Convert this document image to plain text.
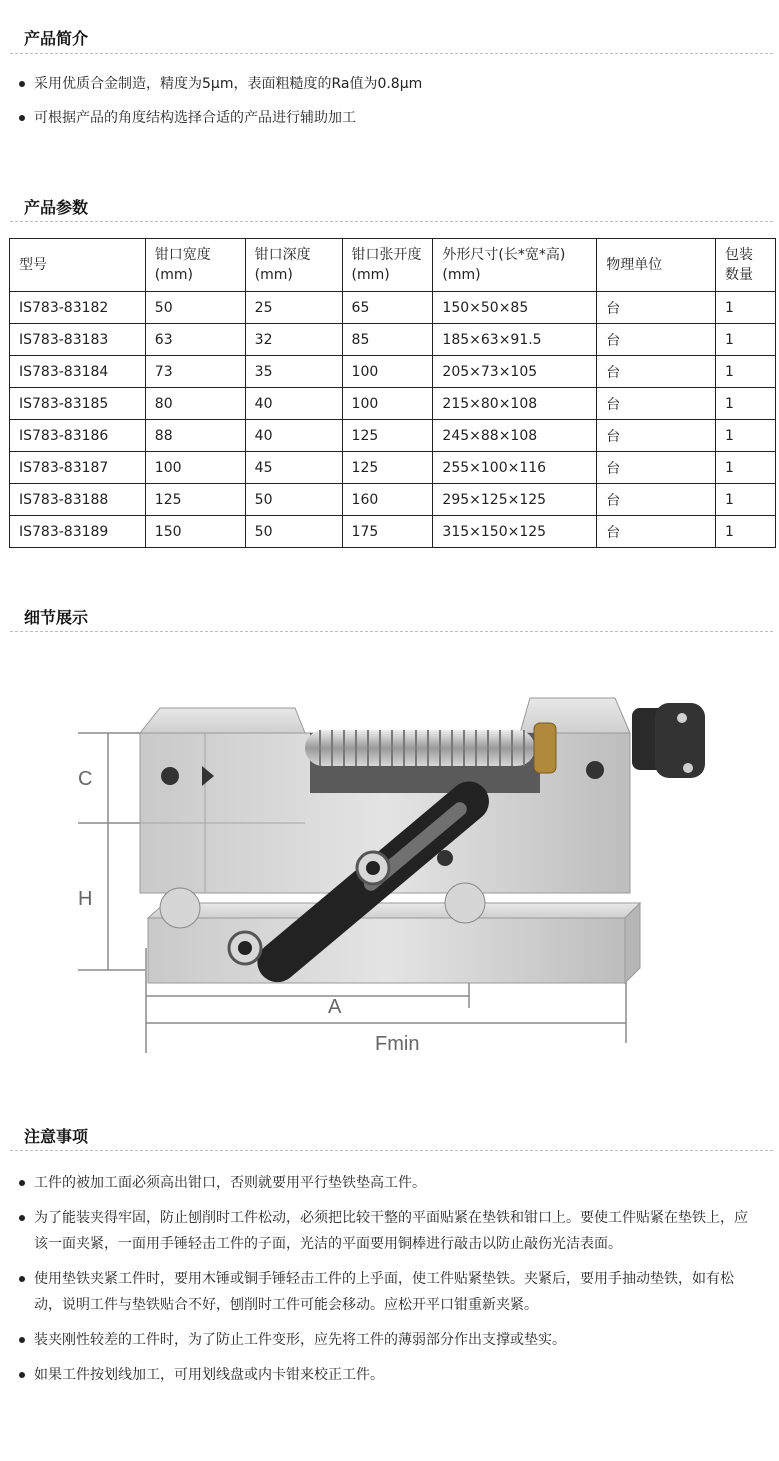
产品简介
采用优质合金制造，精度为5μm，表面粗糙度的Ra值为0.8μm
可根据产品的角度结构选择合适的产品进行辅助加工
产品参数
型号	钳口宽度(mm)	钳口深度(mm)	钳口张开度(mm)	外形尺寸(长*宽*高)(mm)	物理单位	包装数量
IS783-83182	50	25	65	150×50×85	台	1
IS783-83183	63	32	85	185×63×91.5	台	1
IS783-83184	73	35	100	205×73×105	台	1
IS783-83185	80	40	100	215×80×108	台	1
IS783-83186	88	40	125	245×88×108	台	1
IS783-83187	100	45	125	255×100×116	台	1
IS783-83188	125	50	160	295×125×125	台	1
IS783-83189	150	50	175	315×150×125	台	1
细节展示
C
H
A
Fmin
注意事项
工件的被加工面必须高出钳口，否则就要用平行垫铁垫高工件。
为了能装夹得牢固，防止刨削时工件松动，必须把比较干整的平面贴紧在垫铁和钳口上。要使工件贴紧在垫铁上，应该一面夹紧，一面用手锤轻击工件的子面，光洁的平面要用铜棒进行敲击以防止敲伤光洁表面。
使用垫铁夹紧工件时，要用木锤或铜手锤轻击工件的上乎面，使工件贴紧垫铁。夹紧后，要用手抽动垫铁，如有松动，说明工件与垫铁贴合不好，刨削时工件可能会移动。应松开平口钳重新夹紧。
装夹刚性较差的工件时，为了防止工件变形，应先将工件的薄弱部分作出支撑或垫实。
如果工件按划线加工，可用划线盘或内卡钳来校正工件。
